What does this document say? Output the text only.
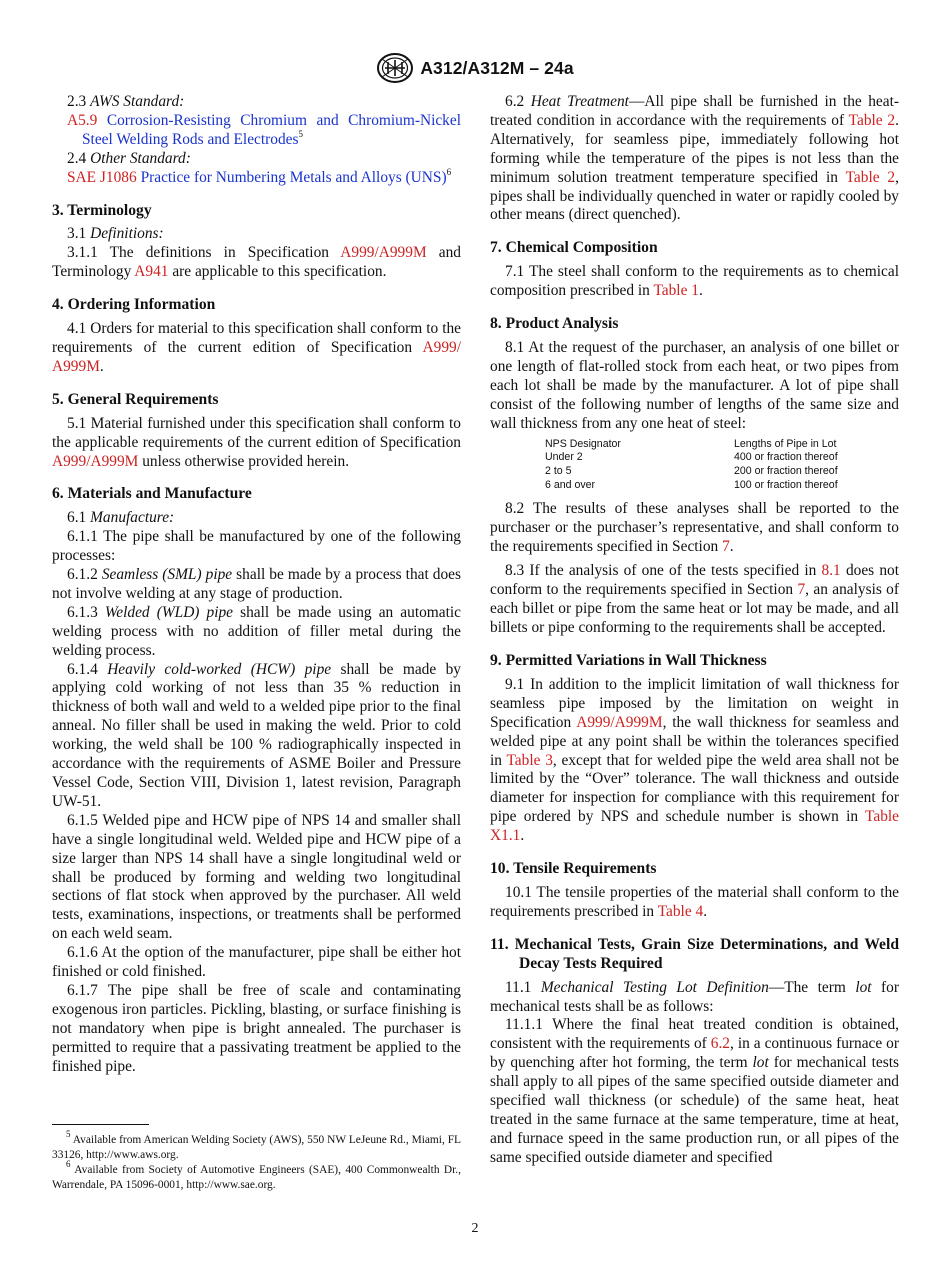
A312/A312M – 24a

2.3 AWS Standard:

A5.9 Corrosion-Resisting Chromium and Chromium-Nickel Steel Welding Rods and Electrodes$^5$

2.4 Other Standard:

SAE J1086 Practice for Numbering Metals and Alloys (UNS)$^6$

3. Terminology

3.1 Definitions:

3.1.1 The definitions in Specification A999/A999M and Terminology A941 are applicable to this specification.

4. Ordering Information

4.1 Orders for material to this specification shall conform to the requirements of the current edition of Specification A999/ A999M.

5. General Requirements

5.1 Material furnished under this specification shall conform to the applicable requirements of the current edition of Specification A999/A999M unless otherwise provided herein.

6. Materials and Manufacture

6.1 Manufacture:

6.1.1 The pipe shall be manufactured by one of the following processes:

6.1.2 Seamless (SML) pipe shall be made by a process that does not involve welding at any stage of production.

6.1.3 Welded (WLD) pipe shall be made using an automatic welding process with no addition of filler metal during the welding process.

6.1.4 Heavily cold-worked (HCW) pipe shall be made by applying cold working of not less than 35 % reduction in thickness of both wall and weld to a welded pipe prior to the final anneal. No filler shall be used in making the weld. Prior to cold working, the weld shall be 100 % radiographically inspected in accordance with the requirements of ASME Boiler and Pressure Vessel Code, Section VIII, Division 1, latest revision, Paragraph UW-51.

6.1.5 Welded pipe and HCW pipe of NPS 14 and smaller shall have a single longitudinal weld. Welded pipe and HCW pipe of a size larger than NPS 14 shall have a single longitudinal weld or shall be produced by forming and welding two longitudinal sections of flat stock when approved by the purchaser. All weld tests, examinations, inspections, or treatments shall be performed on each weld seam.

6.1.6 At the option of the manufacturer, pipe shall be either hot finished or cold finished.

6.1.7 The pipe shall be free of scale and contaminating exogenous iron particles. Pickling, blasting, or surface finishing is not mandatory when pipe is bright annealed. The purchaser is permitted to require that a passivating treatment be applied to the finished pipe.

$^5$ Available from American Welding Society (AWS), 550 NW LeJeune Rd., Miami, FL 33126, http://www.aws.org.

$^6$ Available from Society of Automotive Engineers (SAE), 400 Commonwealth Dr., Warrendale, PA 15096-0001, http://www.sae.org.

6.2 Heat Treatment—All pipe shall be furnished in the heat-treated condition in accordance with the requirements of Table 2. Alternatively, for seamless pipe, immediately following hot forming while the temperature of the pipes is not less than the minimum solution treatment temperature specified in Table 2, pipes shall be individually quenched in water or rapidly cooled by other means (direct quenched).

7. Chemical Composition

7.1 The steel shall conform to the requirements as to chemical composition prescribed in Table 1.

8. Product Analysis

8.1 At the request of the purchaser, an analysis of one billet or one length of flat-rolled stock from each heat, or two pipes from each lot shall be made by the manufacturer. A lot of pipe shall consist of the following number of lengths of the same size and wall thickness from any one heat of steel:

NPS Designator	Lengths of Pipe in Lot
Under 2	400 or fraction thereof
2 to 5	200 or fraction thereof
6 and over	100 or fraction thereof

8.2 The results of these analyses shall be reported to the purchaser or the purchaser’s representative, and shall conform to the requirements specified in Section 7.

8.3 If the analysis of one of the tests specified in 8.1 does not conform to the requirements specified in Section 7, an analysis of each billet or pipe from the same heat or lot may be made, and all billets or pipe conforming to the requirements shall be accepted.

9. Permitted Variations in Wall Thickness

9.1 In addition to the implicit limitation of wall thickness for seamless pipe imposed by the limitation on weight in Specification A999/A999M, the wall thickness for seamless and welded pipe at any point shall be within the tolerances specified in Table 3, except that for welded pipe the weld area shall not be limited by the “Over” tolerance. The wall thickness and outside diameter for inspection for compliance with this requirement for pipe ordered by NPS and schedule number is shown in Table X1.1.

10. Tensile Requirements

10.1 The tensile properties of the material shall conform to the requirements prescribed in Table 4.

11. Mechanical Tests, Grain Size Determinations, and Weld Decay Tests Required

11.1 Mechanical Testing Lot Definition—The term lot for mechanical tests shall be as follows:

11.1.1 Where the final heat treated condition is obtained, consistent with the requirements of 6.2, in a continuous furnace or by quenching after hot forming, the term lot for mechanical tests shall apply to all pipes of the same specified outside diameter and specified wall thickness (or schedule) of the same heat, heat treated in the same furnace at the same temperature, time at heat, and furnace speed in the same production run, or all pipes of the same specified outside diameter and specified

2
